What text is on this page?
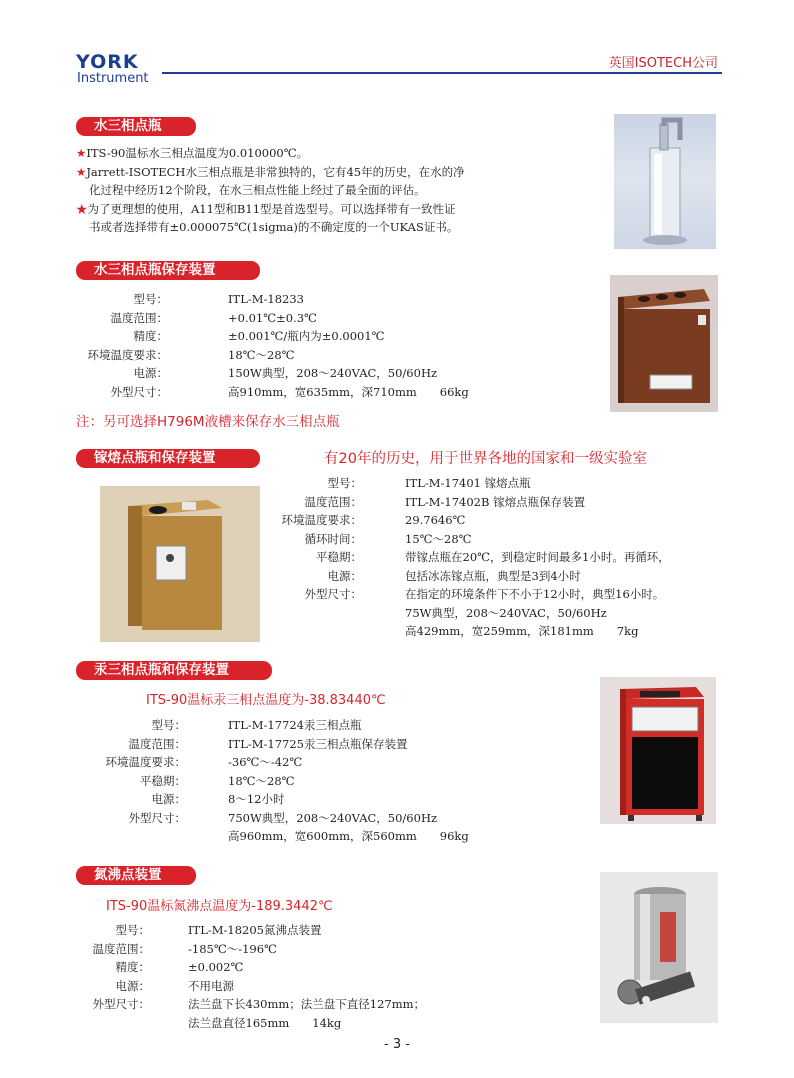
YORK
Instrument
英国ISOTECH公司
水三相点瓶
★ITS-90温标水三相点温度为0.010000℃。
★Jarrett-ISOTECH水三相点瓶是非常独特的，它有45年的历史，在水的净
化过程中经历12个阶段，在水三相点性能上经过了最全面的评估。
★为了更理想的使用，A11型和B11型是首选型号。可以选择带有一致性证
书或者选择带有±0.000075℃(1sigma)的不确定度的一个UKAS证书。
水三相点瓶保存装置
型号：
温度范围：
精度：
环境温度要求：
电源：
外型尺寸：
ITL-M-18233
+0.01℃±0.3℃
±0.001℃/瓶内为±0.0001℃
18℃～28℃
150W典型，208～240VAC，50/60Hz
高910mm，宽635mm，深710mm　　66kg
注：另可选择H796M液槽来保存水三相点瓶
镓熔点瓶和保存装置	有20年的历史，用于世界各地的国家和一级实验室
型号：
温度范围：
环境温度要求：
循环时间：
平稳期：
电源：
外型尺寸：
ITL-M-17401 镓熔点瓶
ITL-M-17402B 镓熔点瓶保存装置
29.7646℃
15℃～28℃
带镓点瓶在20℃，到稳定时间最多1小时。再循环，
包括冰冻镓点瓶，典型是3到4小时
在指定的环境条件下不小于12小时，典型16小时。
75W典型，208～240VAC，50/60Hz
高429mm，宽259mm，深181mm　　7kg
汞三相点瓶和保存装置
ITS-90温标汞三相点温度为-38.83440℃
型号：
温度范围：
环境温度要求：
平稳期：
电源：
外型尺寸：
ITL-M-17724汞三相点瓶
ITL-M-17725汞三相点瓶保存装置
-36℃～-42℃
18℃～28℃
8～12小时
750W典型，208～240VAC，50/60Hz
高960mm，宽600mm，深560mm　　96kg
氮沸点装置
ITS-90温标氮沸点温度为-189.3442℃
型号：
温度范围：
精度：
电源：
外型尺寸：
ITL-M-18205氮沸点装置
-185℃～-196℃
±0.002℃
不用电源
法兰盘下长430mm；法兰盘下直径127mm；
法兰盘直径165mm　　14kg
- 3 -
